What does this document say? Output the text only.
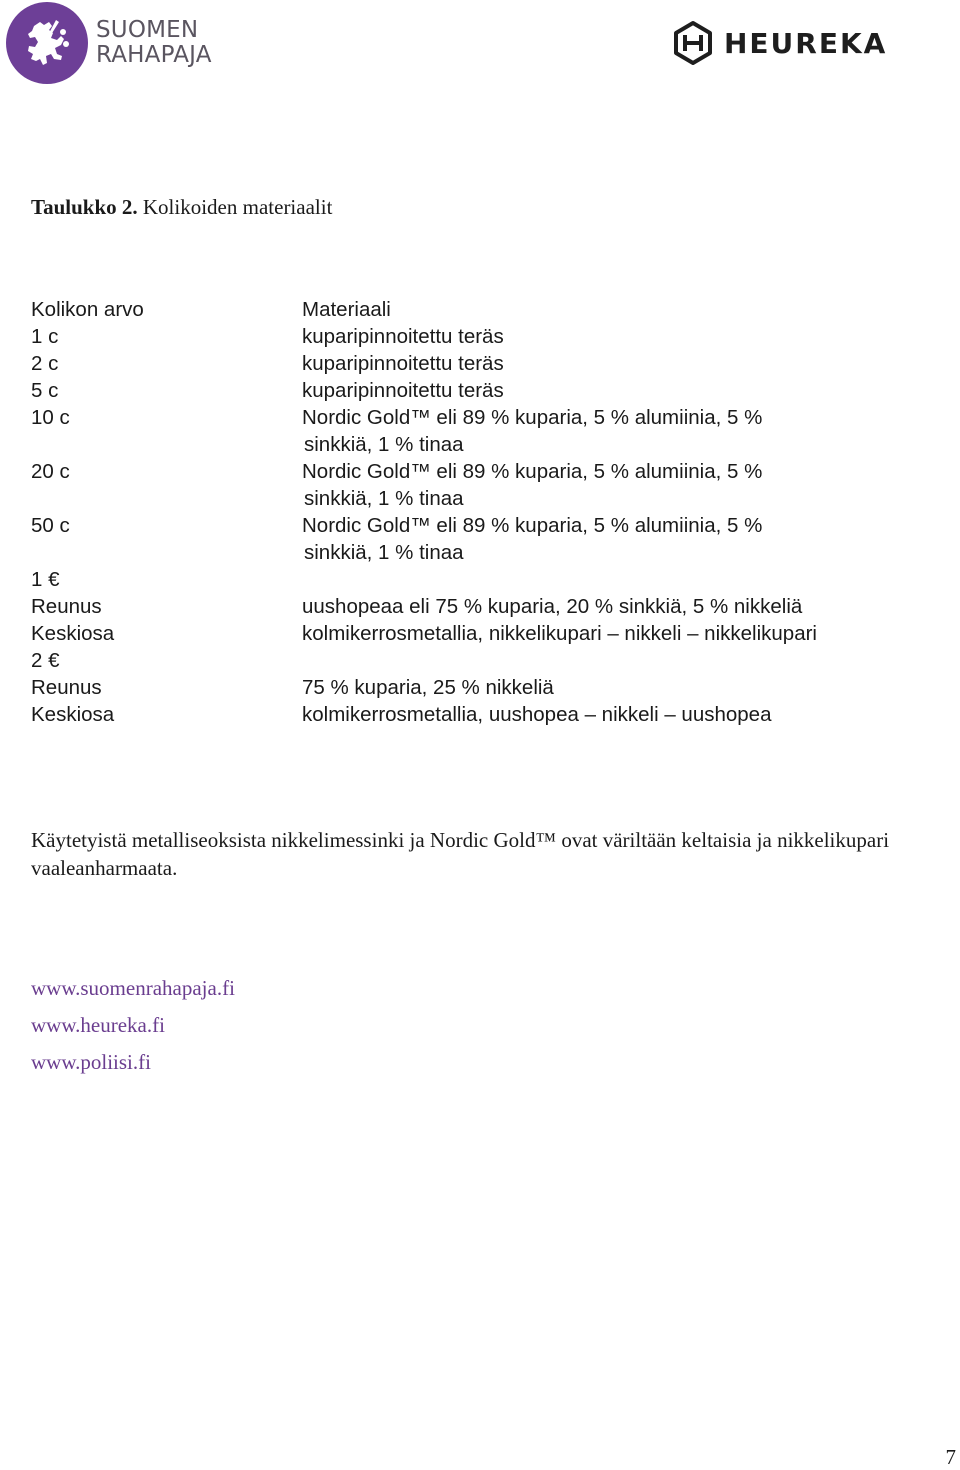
SUOMEN
RAHAPAJA	HEUREKA
Taulukko 2. Kolikoiden materiaalit
Kolikon arvo	Materiaali
1 c	kuparipinnoitettu teräs
2 c	kuparipinnoitettu teräs
5 c	kuparipinnoitettu teräs
10 c	Nordic Gold™ eli 89 % kuparia, 5 % alumiinia, 5 %
sinkkiä, 1 % tinaa
20 c	Nordic Gold™ eli 89 % kuparia, 5 % alumiinia, 5 %
sinkkiä, 1 % tinaa
50 c	Nordic Gold™ eli 89 % kuparia, 5 % alumiinia, 5 %
sinkkiä, 1 % tinaa
1 €

Reunus	uushopeaa eli 75 % kuparia, 20 % sinkkiä, 5 % nikkeliä
Keskiosa	kolmikerrosmetallia, nikkelikupari – nikkeli – nikkelikupari
2 €

Reunus	75 % kuparia, 25 % nikkeliä
Keskiosa	kolmikerrosmetallia, uushopea – nikkeli – uushopea

Käytetyistä metalliseoksista nikkelimessinki ja Nordic Gold™ ovat väriltään keltaisia ja nikkelikupari vaaleanharmaata.

www.suomenrahapaja.fi
www.heureka.fi
www.poliisi.fi
7
